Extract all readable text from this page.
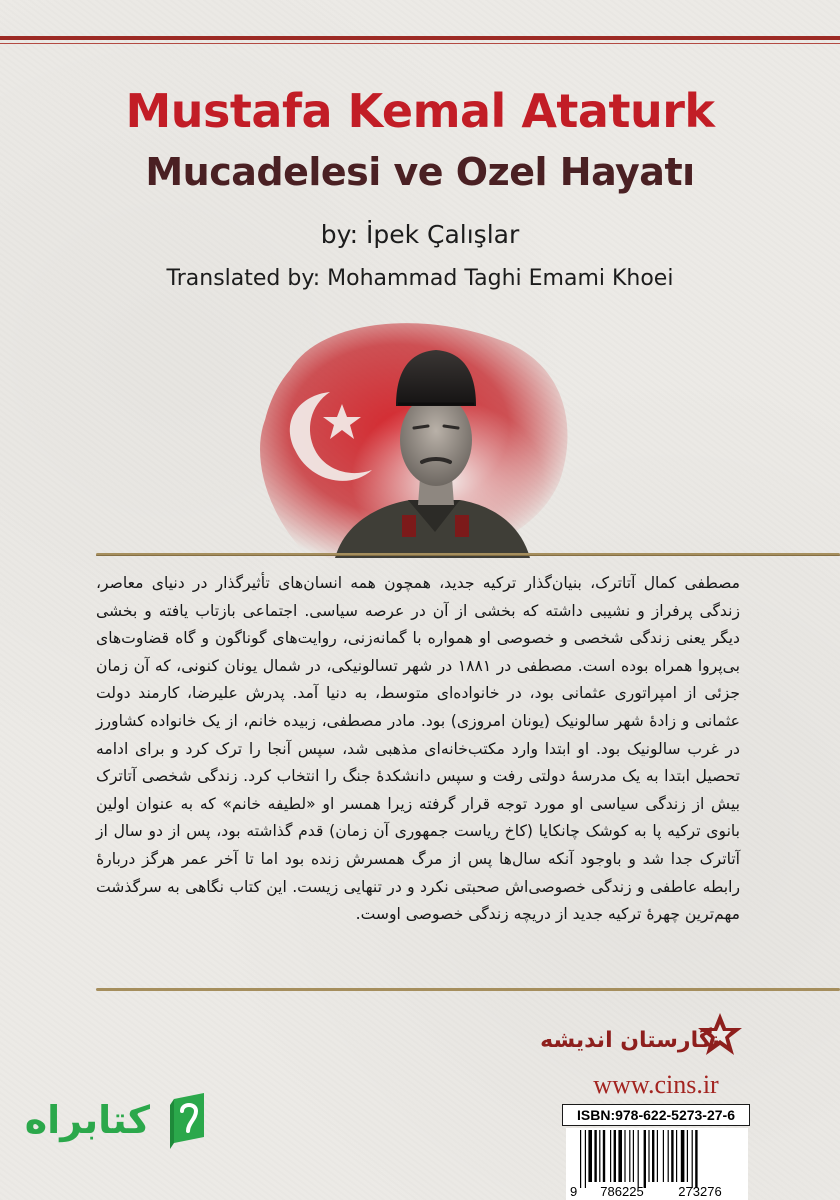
Mustafa Kemal Ataturk
Mucadelesi ve Ozel Hayatı
by: İpek Çalışlar
Translated by: Mohammad Taghi Emami Khoei
مصطفی کمال آتاترک، بنیان‌گذار ترکیه جدید، همچون همه انسان‌های تأثیرگذار در دنیای معاصر، زندگی پرفراز و نشیبی داشته که بخشی از آن در عرصه سیاسی. اجتماعی بازتاب یافته و بخشی دیگر یعنی زندگی شخصی و خصوصی او همواره با گمانه‌زنی، روایت‌های گوناگون و گاه قضاوت‌های بی‌پروا همراه بوده است. مصطفی در ۱۸۸۱ در شهر تسالونیکی، در شمال یونان کنونی، که آن زمان جزئی از امپراتوری عثمانی بود، در خانواده‌ای متوسط، به دنیا آمد. پدرش علیرضا، کارمند دولت عثمانی و زادهٔ شهر سالونیک (یونان امروزی) بود. مادر مصطفی، زبیده خانم، از یک خانواده کشاورز در غرب سالونیک بود. او ابتدا وارد مکتب‌خانه‌ای مذهبی شد، سپس آنجا را ترک کرد و برای ادامه تحصیل ابتدا به یک مدرسهٔ دولتی رفت و سپس دانشکدهٔ جنگ را انتخاب کرد. زندگی شخصی آتاترک بیش از زندگی سیاسی او مورد توجه قرار گرفته زیرا همسر او «لطیفه خانم» که به عنوان اولین بانوی ترکیه پا به کوشک چانکایا (کاخ ریاست جمهوری آن زمان) قدم گذاشته بود، پس از دو سال از آتاترک جدا شد و باوجود آنکه سال‌ها پس از مرگ همسرش زنده بود اما تا آخر عمر هرگز دربارهٔ رابطه عاطفی و زندگی خصوصی‌اش صحبتی نکرد و در تنهایی زیست. این کتاب نگاهی به سرگذشت مهم‌ترین چهرهٔ ترکیه جدید از دریچه زندگی خصوصی اوست.
نگارستان اندیشه
www.cins.ir
ISBN:978-622-5273-27-6
9 786225	273276
کتابراه
